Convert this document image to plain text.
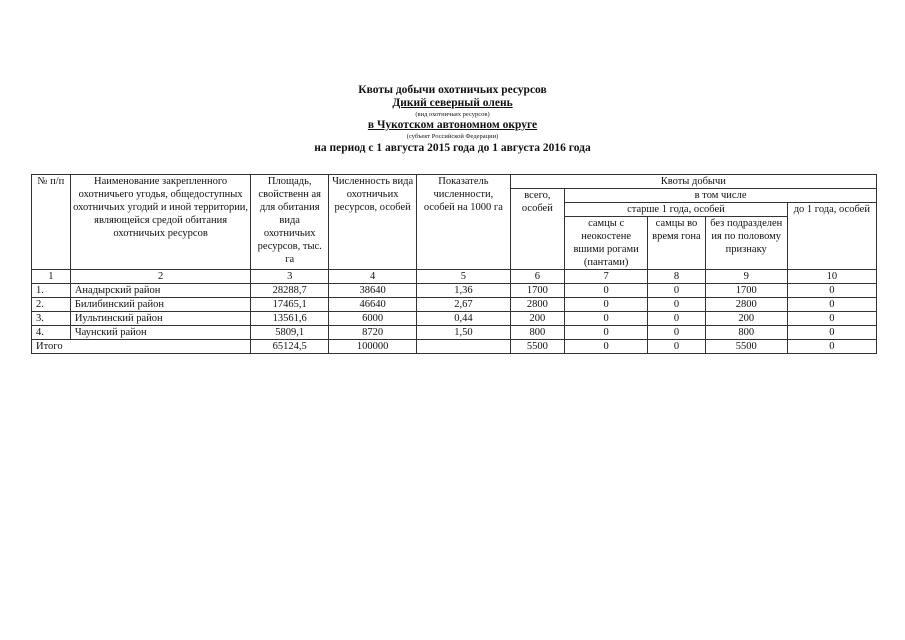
Квоты добычи охотничьих ресурсов
Дикий северный олень
(вид охотничьих ресурсов)
в Чукотском автономном округе
(субъект Российской Федерации)
на период с 1 августа 2015 года до 1 августа 2016 года
№ п/п	Наименование закрепленного охотничьего угодья, общедоступных охотничьих угодий и иной территории, являющейся средой обитания охотничьих ресурсов	Площадь, свойственн ая для обитания вида охотничьих ресурсов, тыс. га	Численность вида охотничьих ресурсов, особей	Показатель численности, особей на 1000 га	Квоты добычи				
					всего, особей	в том числе			
						старше 1 года, особей			до 1 года, особей
						самцы с неокостене вшими рогами (пантами)	самцы во время гона	без подразделен ия по половому признаку	
1	2	3	4	5	6	7	8	9	10
1.	Анадырский район	28288,7	38640	1,36	1700	0	0	1700	0
2.	Билибинский район	17465,1	46640	2,67	2800	0	0	2800	0
3.	Иультинский район	13561,6	6000	0,44	200	0	0	200	0
4.	Чаунский район	5809,1	8720	1,50	800	0	0	800	0
Итого		65124,5	100000		5500	0	0	5500	0
